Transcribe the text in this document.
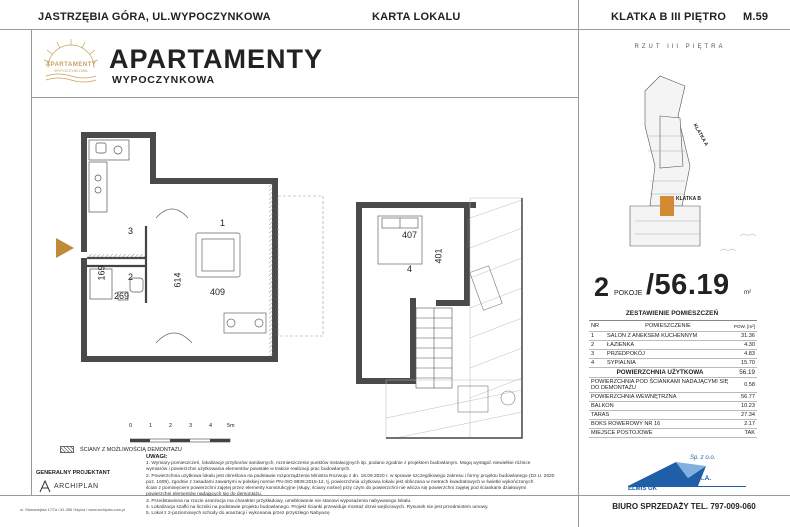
JASTRZĘBIA GÓRA, UL.WYPOCZYNKOWA	KARTA LOKALU	KLATKA B III PIĘTRO M.59
APARTAMENTY
WYPOCZYNKOWA APARTAMENTY
WYPOCZYNKOWA
1
2
3
4
409
614
269
169
407
401
ŚCIANY Z MOŻLIWOŚCIĄ DEMONTAŻU
0	1	2	3	4	5m
RZUT III PIĘTRA
KLATKA A
KLATKA B
2 POKOJE /56.19 m²
ZESTAWIENIE POMIESZCZEŃ
NR	POMIESZCZENIE	POW. [m²]
1	SALON Z ANEKSEM KUCHENNYM	31.36
2	ŁAZIENKA	4.30
3	PRZEDPOKÓJ	4.83
4	SYPIALNIA	15.70
POWIERZCHNIA UŻYTKOWA		56.19
POWIERZCHNIA POD ŚCIANKAMI NADAJĄCYMI SIĘ DO DEMONTAŻU		0.58
POWIERZCHNIA WEWNĘTRZNA		56.77
BALKON		10.23
TARAS		27.34
BOKS ROWEROWY NR 16		2.17
MIEJSCE POSTOJOWE		TAK
GENERALNY PROJEKTANT
ARCHIPLAN
ul. Starowiejska 17/7a / 81-356 Gdynia / www.archiplan.com.pl
UWAGI:
1. Wymiary pomieszczeń, lokalizacje przyborów sanitarnych, rozmieszczenie punktów instalacyjnych itp. podano zgodnie z projektem budowlanym. Mogą wystąpić niewielkie różnice
wymiarów i powierzchni użytkowania elementów powstałe w trakcie realizacji prac budowlanych.
2. Powierzchnia użytkowa lokalu jest określona na podstawie rozporządzenia Ministra Rozwoju z dn. 18.09.2020 r. w sprawie szczegółowego zakresu i formy projektu budowlanego (Dz.U. 2020
poz. 1609), zgodnie z zasadami zawartymi w polskiej normie PN-ISO 9836:2015-12, tj. powierzchnia użytkowa lokalu jest obliczana w metrach kwadratowych w świetle wykończonych
ścian z pominięciem powierzchni zajętej przez elementy konstrukcyjne (słupy, ściany nośne) przy czym do powierzchni nie wlicza się powierzchni zajętej pod ściankami działowymi
powierzchni elementów nadających się do demontażu.
3. Przedstawiona na rzucie aranżacja ma charakter przykładowy, umeblowanie nie stanowi wyposażenia nabywanego lokalu.
4. Lokalizacja szafki na liczniki na podstawie projektu budowlanego. Projekt ścianki przewiduje montaż drzwi wejściowych. Rysunek nie jest przedmiotem umowy.
5. Lokal z 2-poziomowych schody do aranżacji i wykonania przez przyszłego Nabywcę
Sp. z o.o.
ELMIS GK
S.K.A.
BIURO SPRZEDAŻY TEL. 797-009-060
